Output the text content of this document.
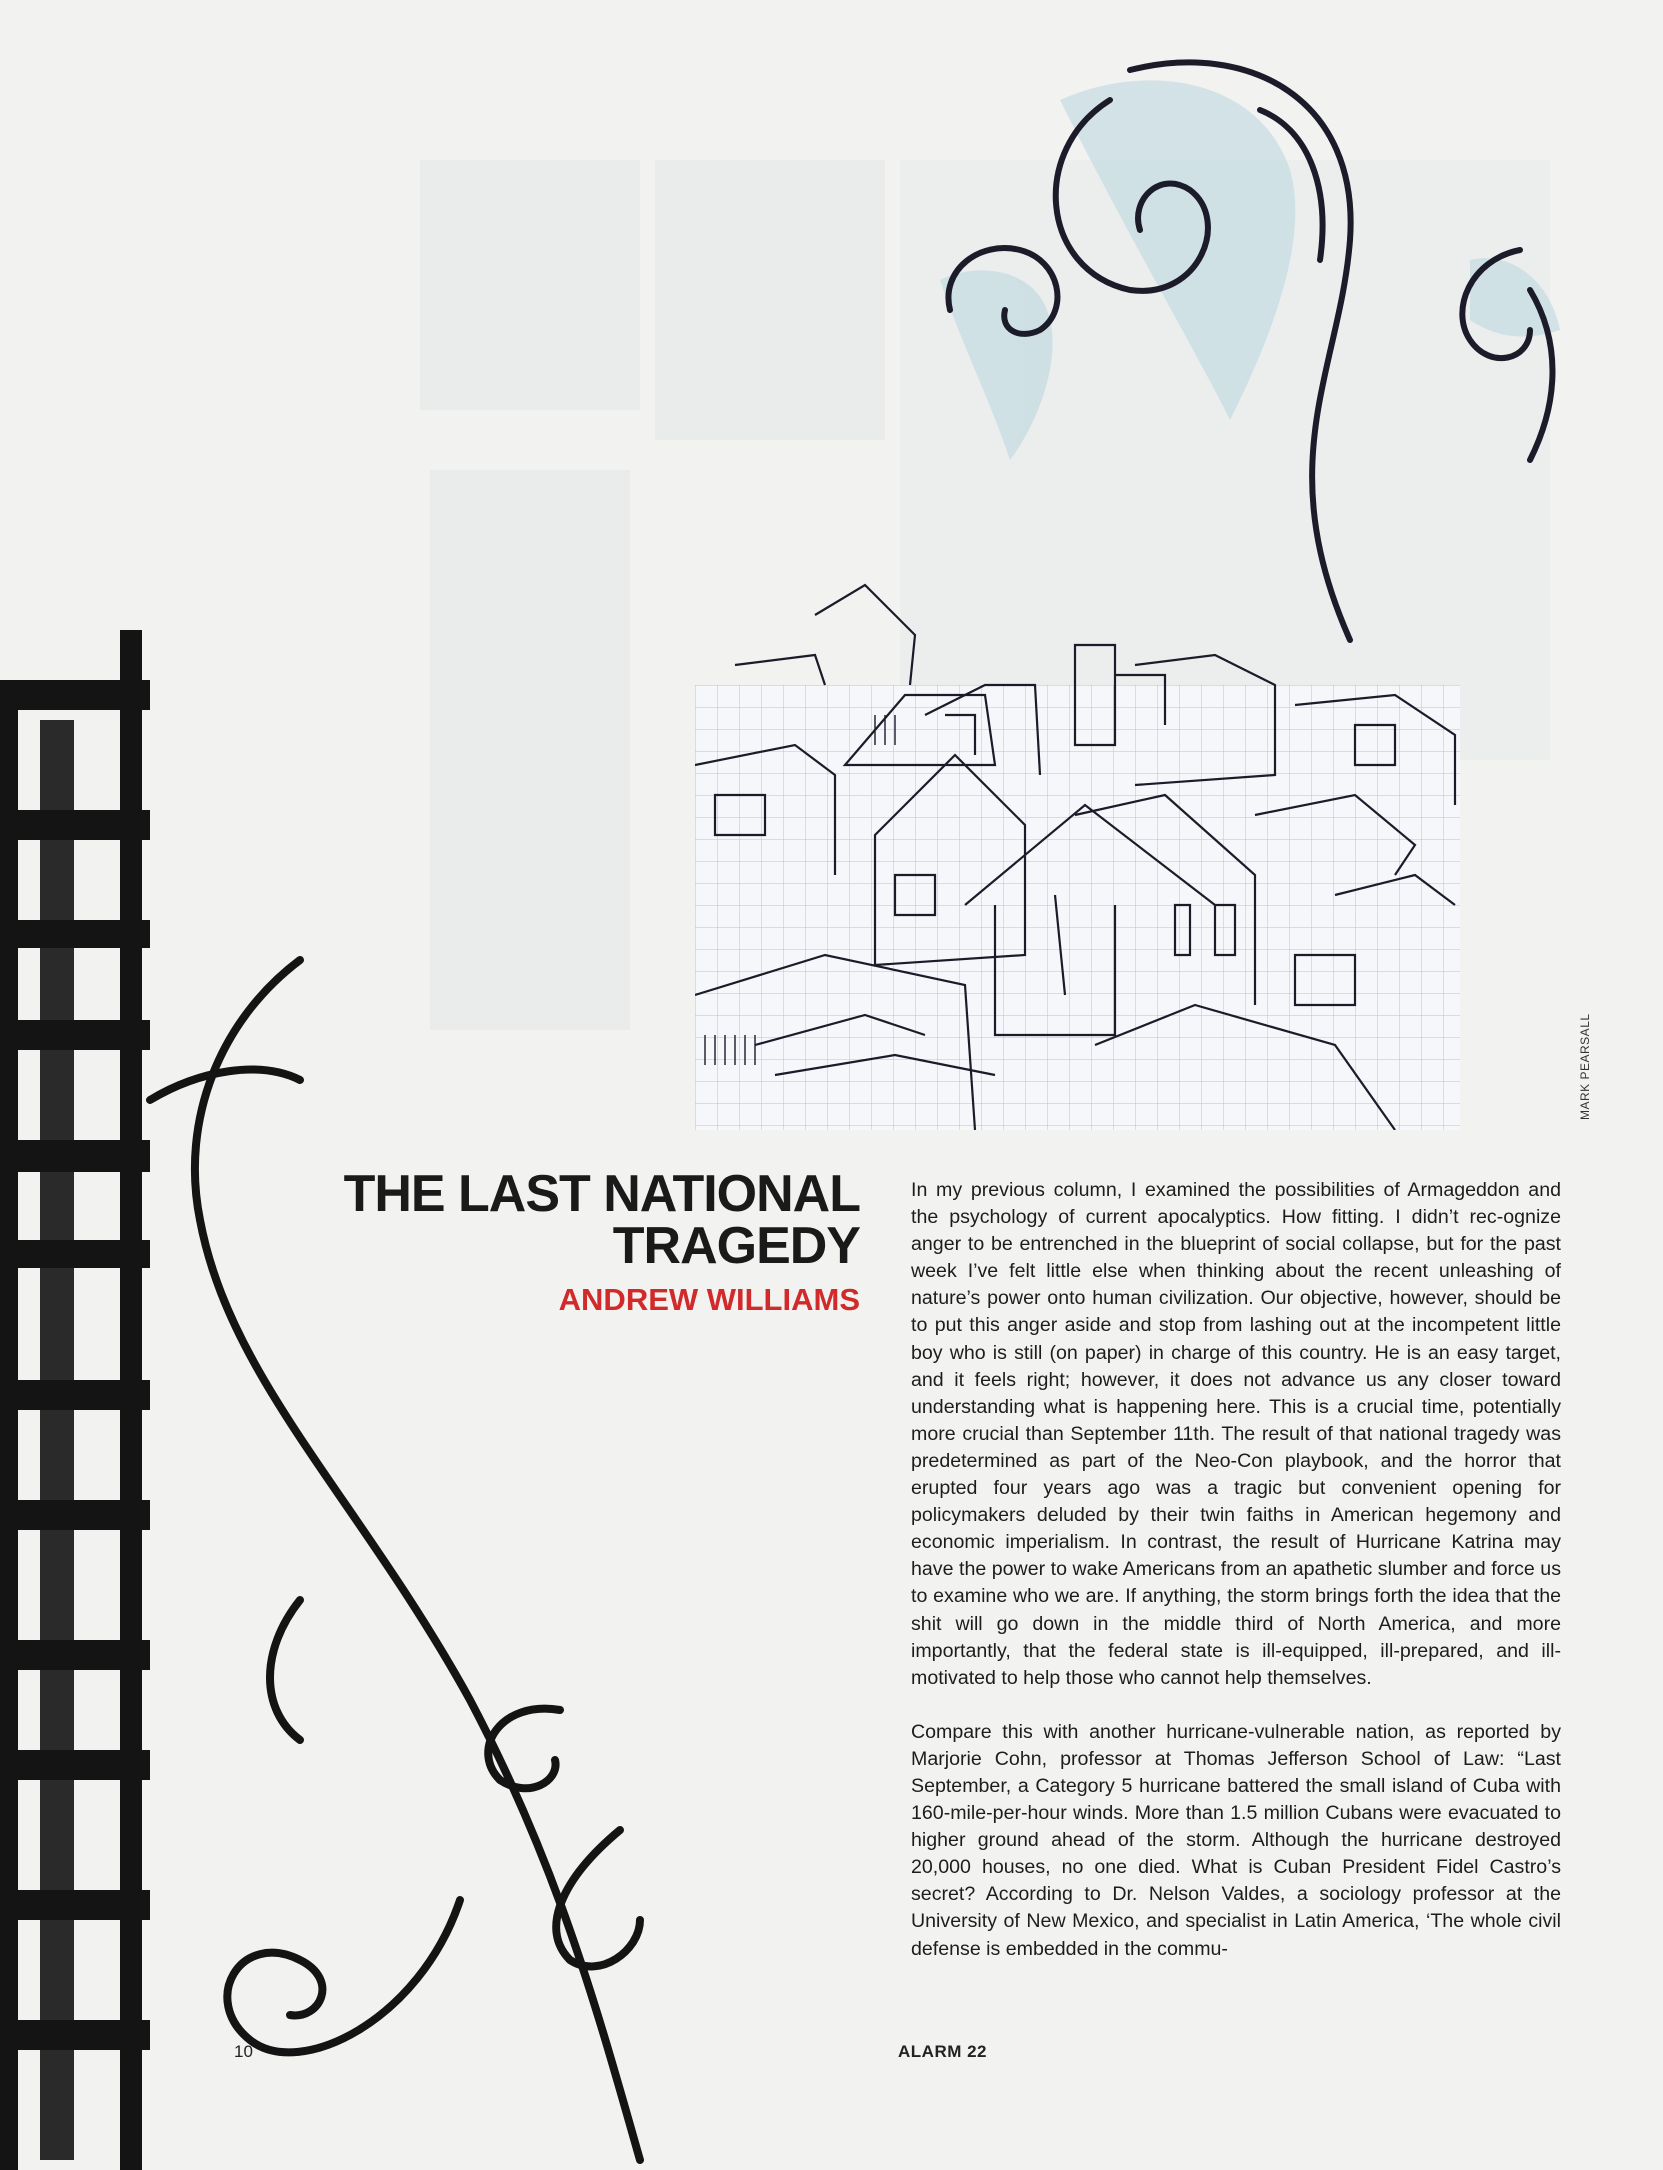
THE LAST NATIONAL
TRAGEDY
ANDREW WILLIAMS

In my previous column, I examined the possibilities of Armageddon and the psychology of current apocalyptics. How fitting. I didn’t rec-ognize anger to be entrenched in the blueprint of social collapse, but for the past week I’ve felt little else when thinking about the recent unleashing of nature’s power onto human civilization. Our objective, however, should be to put this anger aside and stop from lashing out at the incompetent little boy who is still (on paper) in charge of this country. He is an easy target, and it feels right; however, it does not advance us any closer toward understanding what is happening here. This is a crucial time, potentially more crucial than September 11th. The result of that national tragedy was predetermined as part of the Neo-Con playbook, and the horror that erupted four years ago was a tragic but convenient opening for policymakers deluded by their twin faiths in American hegemony and economic imperialism. In contrast, the result of Hurricane Katrina may have the power to wake Americans from an apathetic slumber and force us to examine who we are. If anything, the storm brings forth the idea that the shit will go down in the middle third of North America, and more importantly, that the federal state is ill-equipped, ill-prepared, and ill-motivated to help those who cannot help themselves.

Compare this with another hurricane-vulnerable nation, as reported by Marjorie Cohn, professor at Thomas Jefferson School of Law: “Last September, a Category 5 hurricane battered the small island of Cuba with 160-mile-per-hour winds. More than 1.5 million Cubans were evacuated to higher ground ahead of the storm. Although the hurricane destroyed 20,000 houses, no one died. What is Cuban President Fidel Castro’s secret? According to Dr. Nelson Valdes, a sociology professor at the University of New Mexico, and specialist in Latin America, ‘The whole civil defense is embedded in the commu-

MARK PEARSALL
10	ALARM 22
